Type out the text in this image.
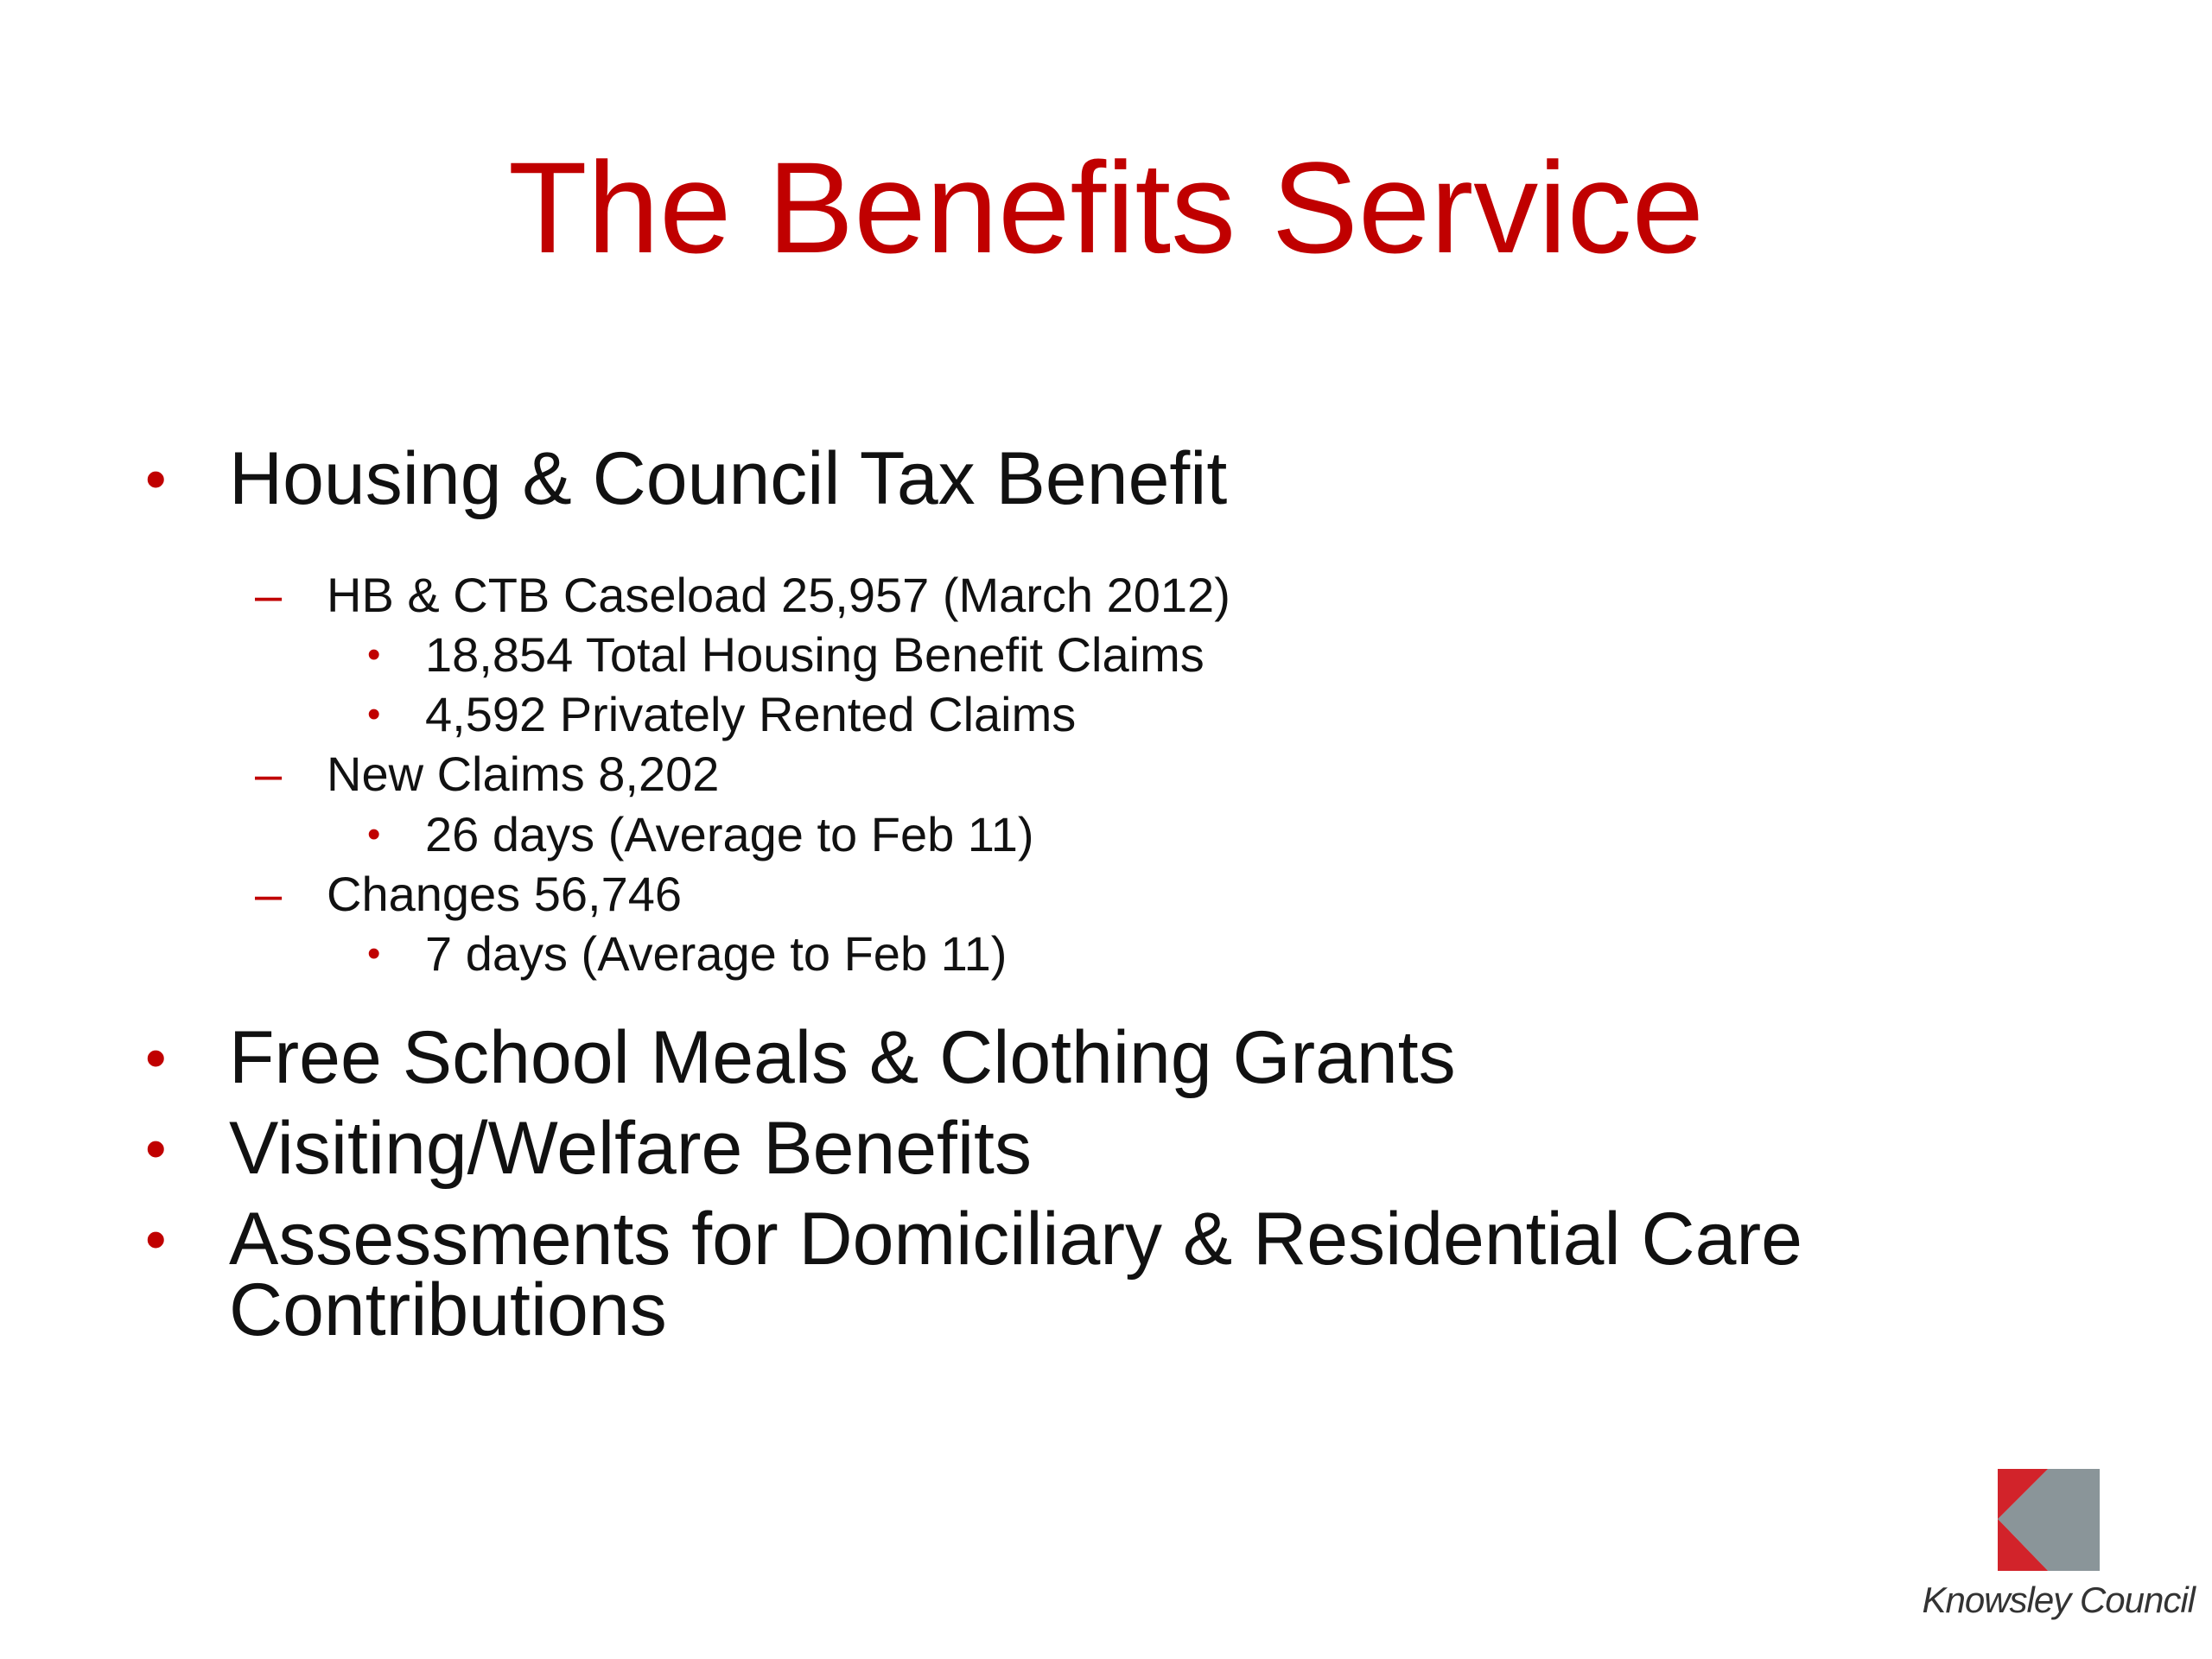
The Benefits Service
• Housing & Council Tax Benefit
– HB & CTB Caseload 25,957 (March 2012)
• 18,854 Total Housing Benefit Claims
• 4,592 Privately Rented Claims
– New Claims 8,202
• 26 days (Average to Feb 11)
– Changes 56,746
• 7 days (Average to Feb 11)
• Free School Meals & Clothing Grants
• Visiting/Welfare Benefits
• Assessments for Domiciliary & Residential Care
Contributions
Knowsley Council
